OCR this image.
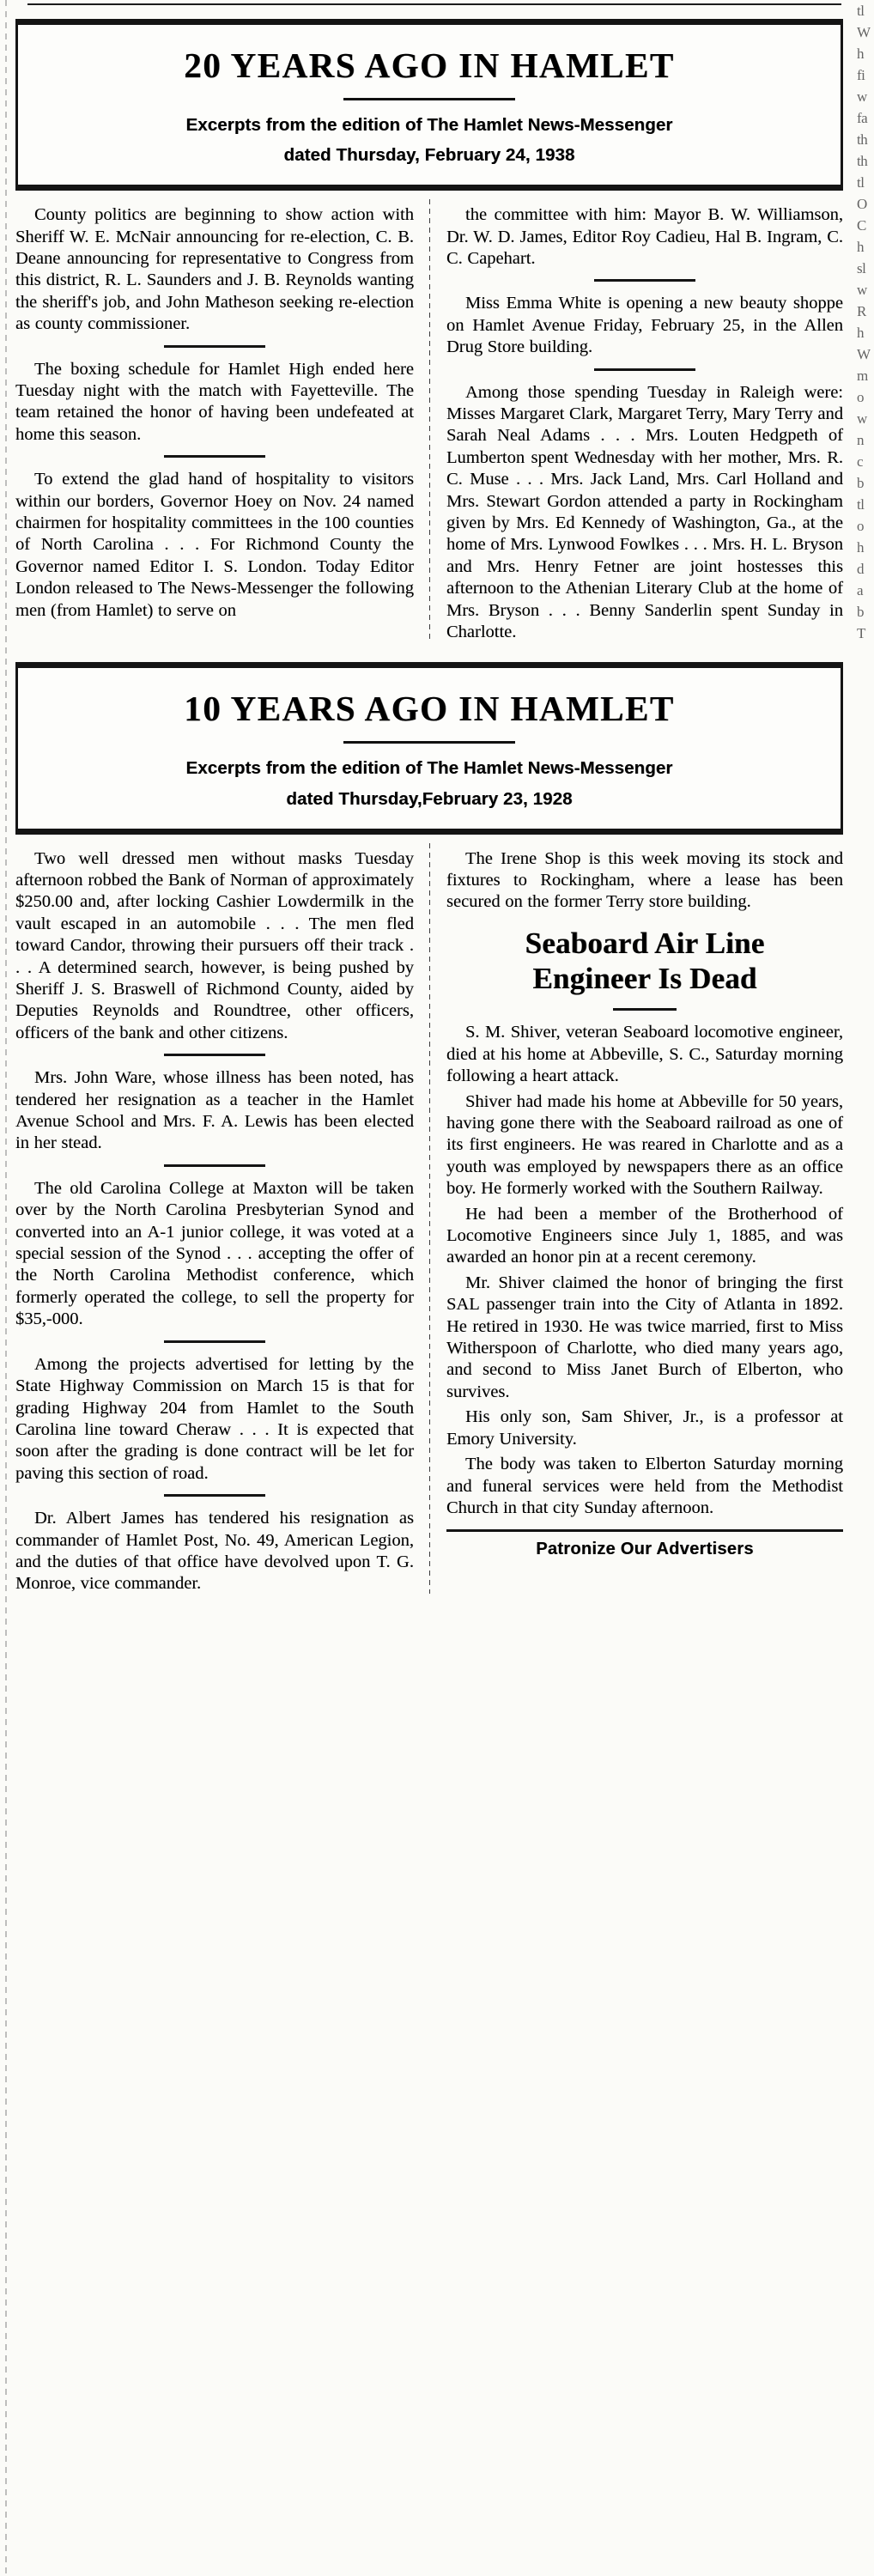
tl
W
h
fi
w
fa
th
th
tl
O
C
h
sl
w
R
h
W
m
o
w
n
c
b
tl
o
h
d
a
b
T
20 YEARS AGO IN HAMLET

Excerpts from the edition of The Hamlet News-Messenger
dated Thursday, February 24, 1938

County politics are beginning to show action with Sheriff W. E. McNair announcing for re-election, C. B. Deane announcing for representative to Congress from this district, R. L. Saunders and J. B. Reynolds wanting the sheriff's job, and John Matheson seeking re-election as county commissioner.

The boxing schedule for Hamlet High ended here Tuesday night with the match with Fayetteville. The team retained the honor of having been undefeated at home this season.

To extend the glad hand of hospitality to visitors within our borders, Governor Hoey on Nov. 24 named chairmen for hospitality committees in the 100 counties of North Carolina . . . For Richmond County the Governor named Editor I. S. London. Today Editor London released to The News-Messenger the following men (from Hamlet) to serve on

the committee with him: Mayor B. W. Williamson, Dr. W. D. James, Editor Roy Cadieu, Hal B. Ingram, C. C. Capehart.

Miss Emma White is opening a new beauty shoppe on Hamlet Avenue Friday, February 25, in the Allen Drug Store building.

Among those spending Tuesday in Raleigh were: Misses Margaret Clark, Margaret Terry, Mary Terry and Sarah Neal Adams . . . Mrs. Louten Hedgpeth of Lumberton spent Wednesday with her mother, Mrs. R. C. Muse . . . Mrs. Jack Land, Mrs. Carl Holland and Mrs. Stewart Gordon attended a party in Rockingham given by Mrs. Ed Kennedy of Washington, Ga., at the home of Mrs. Lynwood Fowlkes . . . Mrs. H. L. Bryson and Mrs. Henry Fetner are joint hostesses this afternoon to the Athenian Literary Club at the home of Mrs. Bryson . . . Benny Sanderlin spent Sunday in Charlotte.

10 YEARS AGO IN HAMLET

Excerpts from the edition of The Hamlet News-Messenger
dated Thursday,February 23, 1928

Two well dressed men without masks Tuesday afternoon robbed the Bank of Norman of approximately $250.00 and, after locking Cashier Lowdermilk in the vault escaped in an automobile . . . The men fled toward Candor, throwing their pursuers off their track . . . A determined search, however, is being pushed by Sheriff J. S. Braswell of Richmond County, aided by Deputies Reynolds and Roundtree, other officers, officers of the bank and other citizens.

Mrs. John Ware, whose illness has been noted, has tendered her resignation as a teacher in the Hamlet Avenue School and Mrs. F. A. Lewis has been elected in her stead.

The old Carolina College at Maxton will be taken over by the North Carolina Presbyterian Synod and converted into an A-1 junior college, it was voted at a special session of the Synod . . . accepting the offer of the North Carolina Methodist conference, which formerly operated the college, to sell the property for $35,-000.

Among the projects advertised for letting by the State Highway Commission on March 15 is that for grading Highway 204 from Hamlet to the South Carolina line toward Cheraw . . . It is expected that soon after the grading is done contract will be let for paving this section of road.

Dr. Albert James has tendered his resignation as commander of Hamlet Post, No. 49, American Legion, and the duties of that office have devolved upon T. G. Monroe, vice commander.

The Irene Shop is this week moving its stock and fixtures to Rockingham, where a lease has been secured on the former Terry store building.

Seaboard Air Line
Engineer Is Dead

S. M. Shiver, veteran Seaboard locomotive engineer, died at his home at Abbeville, S. C., Saturday morning following a heart attack.

Shiver had made his home at Abbeville for 50 years, having gone there with the Seaboard railroad as one of its first engineers. He was reared in Charlotte and as a youth was employed by newspapers there as an office boy. He formerly worked with the Southern Railway.

He had been a member of the Brotherhood of Locomotive Engineers since July 1, 1885, and was awarded an honor pin at a recent ceremony.

Mr. Shiver claimed the honor of bringing the first SAL passenger train into the City of Atlanta in 1892. He retired in 1930. He was twice married, first to Miss Witherspoon of Charlotte, who died many years ago, and second to Miss Janet Burch of Elberton, who survives.

His only son, Sam Shiver, Jr., is a professor at Emory University.

The body was taken to Elberton Saturday morning and funeral services were held from the Methodist Church in that city Sunday afternoon.

Patronize Our Advertisers
